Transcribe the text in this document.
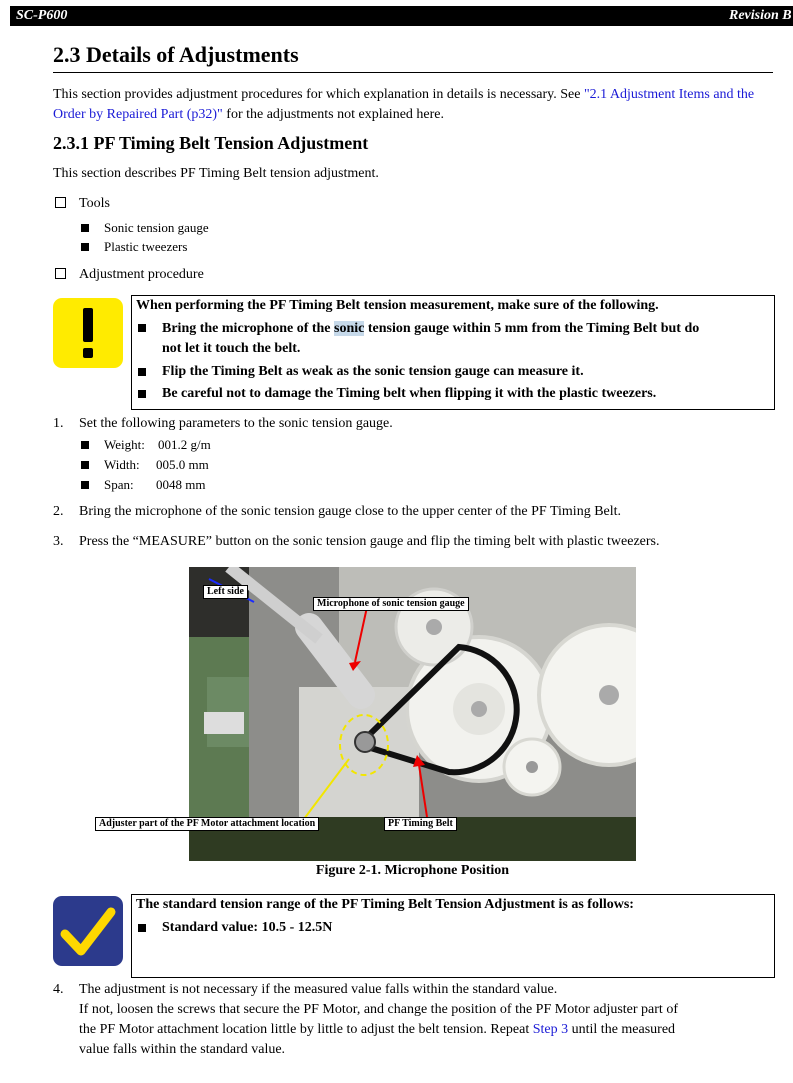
SC-P600	Revision B
2.3 Details of Adjustments
This section provides adjustment procedures for which explanation in details is necessary. See "2.1 Adjustment Items and the Order by Repaired Part (p32)" for the adjustments not explained here.
2.3.1 PF Timing Belt Tension Adjustment
This section describes PF Timing Belt tension adjustment.
Tools
Sonic tension gauge
Plastic tweezers
Adjustment procedure
When performing the PF Timing Belt tension measurement, make sure of the following.
Bring the microphone of the sonic tension gauge within 5 mm from the Timing Belt but do
not let it touch the belt.
Flip the Timing Belt as weak as the sonic tension gauge can measure it.
Be careful not to damage the Timing belt when flipping it with the plastic tweezers.
1. Set the following parameters to the sonic tension gauge.
Weight: 001.2 g/m
Width: 005.0 mm
Span: 0048 mm
2. Bring the microphone of the sonic tension gauge close to the upper center of the PF Timing Belt.
3. Press the “MEASURE” button on the sonic tension gauge and flip the timing belt with plastic tweezers.
Left side
Microphone of sonic tension gauge
PF Timing Belt
Adjuster part of the PF Motor attachment location
Figure 2-1. Microphone Position
The standard tension range of the PF Timing Belt Tension Adjustment is as follows:
Standard value: 10.5 - 12.5N
4. The adjustment is not necessary if the measured value falls within the standard value.
If not, loosen the screws that secure the PF Motor, and change the position of the PF Motor adjuster part of
the PF Motor attachment location little by little to adjust the belt tension. Repeat Step 3 until the measured
value falls within the standard value.
